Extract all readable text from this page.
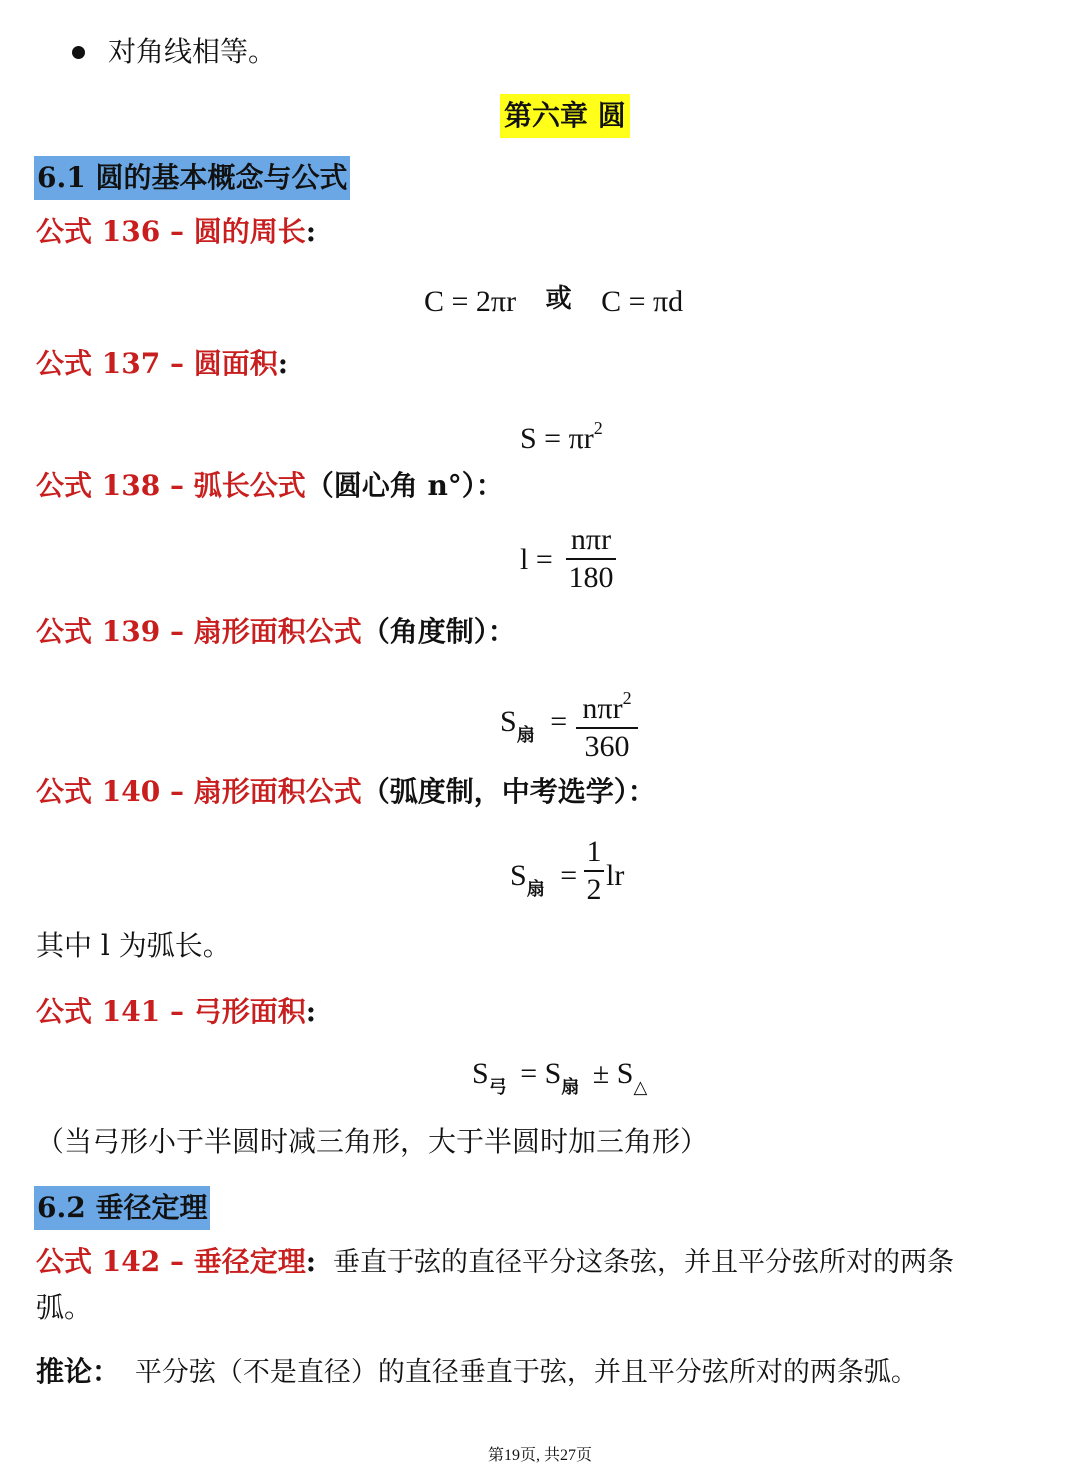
对角线相等。
第六章 圆
6.1 圆的基本概念与公式
公式 136 – 圆的周长:
C = 2πr 或 C = πd
公式 137 – 圆面积:
$S = \pi r^2$
公式 138 – 弧长公式（圆心角 n°）：
l =
nπr
180
公式 139 – 扇形面积公式（角度制）：
$S_扇 = n\pi r^2$
360
公式 140 – 扇形面积公式（弧度制，中考选学）：
$S_扇$ =
1
2 lr
其中 l 为弧长。
公式 141 – 弓形面积:
$S_弓 = S_扇 \pm S_\triangle$
（当弓形小于半圆时减三角形，大于半圆时加三角形）
6.2 垂径定理
公式 142 – 垂径定理: 垂直于弦的直径平分这条弦，并且平分弦所对的两条
弧。
推论： 平分弦（不是直径）的直径垂直于弦，并且平分弦所对的两条弧。
第19页, 共27页
